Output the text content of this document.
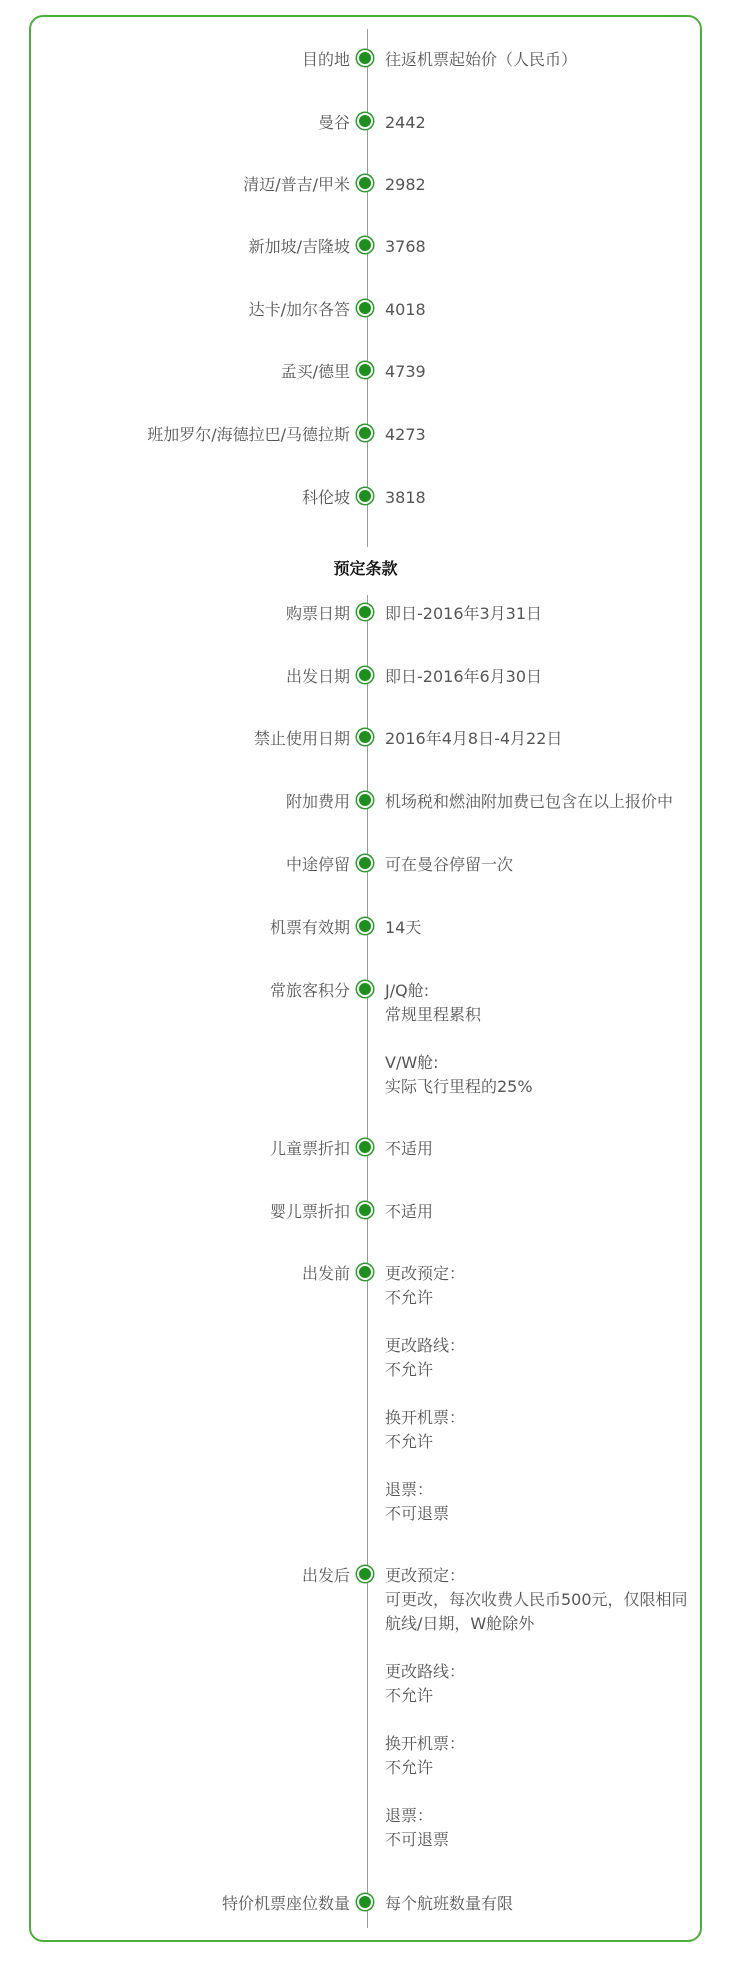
目的地 往返机票起始价（人民币）
曼谷 2442
清迈/普吉/甲米 2982
新加坡/吉隆坡 3768
达卡/加尔各答 4018
孟买/德里 4739
班加罗尔/海德拉巴/马德拉斯 4273
科伦坡 3818
预定条款
购票日期 即日-2016年3月31日
出发日期 即日-2016年6月30日
禁止使用日期 2016年4月8日-4月22日
附加费用 机场税和燃油附加费已包含在以上报价中
中途停留 可在曼谷停留一次
机票有效期 14天
常旅客积分 J/Q舱:
常规里程累积
V/W舱:
实际飞行里程的25%
儿童票折扣 不适用
婴儿票折扣 不适用
出发前 更改预定：
不允许
更改路线：
不允许
换开机票：
不允许
退票：
不可退票
出发后 更改预定：
可更改，每次收费人民币500元，仅限相同
航线/日期，W舱除外
更改路线：
不允许
换开机票：
不允许
退票：
不可退票
特价机票座位数量 每个航班数量有限
